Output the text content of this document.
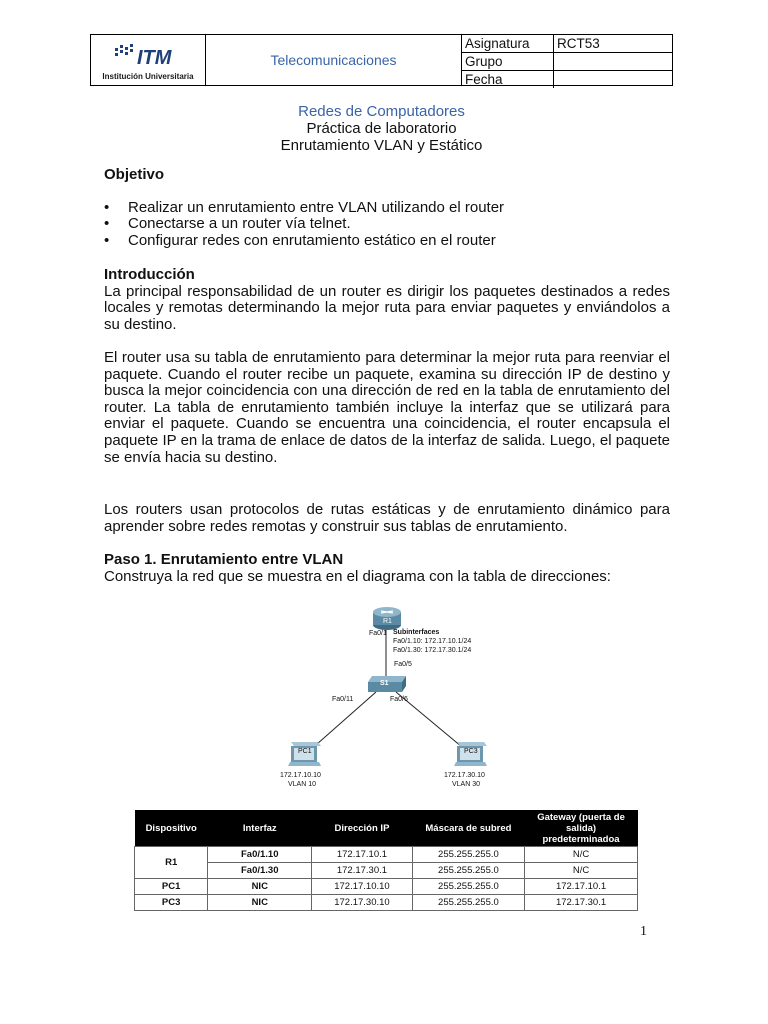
ITM
Institución Universitaria
Telecomunicaciones
Asignatura	RCT53
Grupo
Fecha
Redes de Computadores
Práctica de laboratorio
Enrutamiento VLAN y Estático
Objetivo
• Realizar un enrutamiento entre VLAN utilizando el router
• Conectarse a un router vía telnet.
• Configurar redes con enrutamiento estático en el router
Introducción
La principal responsabilidad de un router es dirigir los paquetes destinados a redes locales y remotas determinando la mejor ruta para enviar paquetes y enviándolos a su destino.
El router usa su tabla de enrutamiento para determinar la mejor ruta para reenviar el paquete. Cuando el router recibe un paquete, examina su dirección IP de destino y busca la mejor coincidencia con una dirección de red en la tabla de enrutamiento del router. La tabla de enrutamiento también incluye la interfaz que se utilizará para enviar el paquete. Cuando se encuentra una coincidencia, el router encapsula el paquete IP en la trama de enlace de datos de la interfaz de salida. Luego, el paquete se envía hacia su destino.
Los routers usan protocolos de rutas estáticas y de enrutamiento dinámico para aprender sobre redes remotas y construir sus tablas de enrutamiento.
Paso 1. Enrutamiento entre VLAN
Construya la red que se muestra en el diagrama con la tabla de direcciones:
R1
Fa0/1 Subinterfaces
Fa0/1.10: 172.17.10.1/24
Fa0/1.30: 172.17.30.1/24
Fa0/5
S1
Fa0/11	Fa0/6
PC1
172.17.10.10
VLAN 10
PC3
172.17.30.10
VLAN 30
Dispositivo	Interfaz	Dirección IP	Máscara de subred	Gateway (puerta de salida) predeterminadoa
R1	Fa0/1.10	172.17.10.1	255.255.255.0	N/C
	Fa0/1.30	172.17.30.1	255.255.255.0	N/C
PC1	NIC	172.17.10.10	255.255.255.0	172.17.10.1
PC3	NIC	172.17.30.10	255.255.255.0	172.17.30.1
1
